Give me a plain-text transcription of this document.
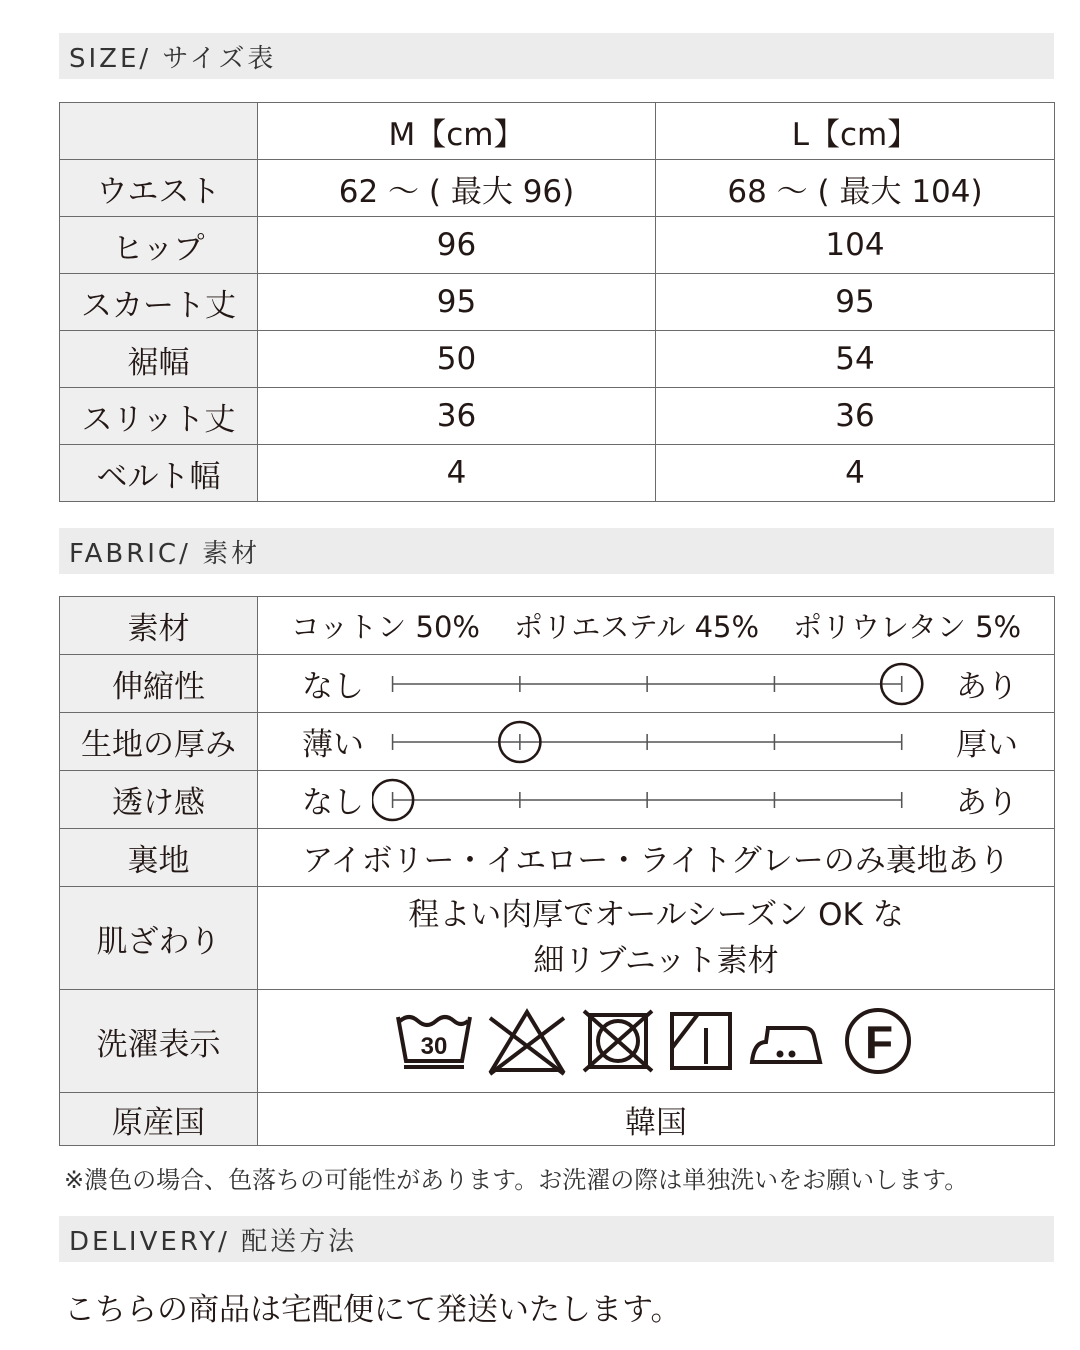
SIZE/ サイズ表
	M【cm】	L【cm】
ウエスト	62 〜 ( 最大 96)	68 〜 ( 最大 104)
ヒップ	96	104
スカート丈	95	95
裾幅	50	54
スリット丈	36	36
ベルト幅	4	4
FABRIC/ 素材
素材	コットン 50% ポリエステル 45% ポリウレタン 5%
伸縮性	なし あり

生地の厚み	薄い 厚い

透け感	なし あり

裏地	アイボリー・イエロー・ライトグレーのみ裏地あり
肌ざわり	程よい肉厚でオールシーズン OK な
細リブニット素材

洗濯表示	30 F

原産国	韓国
※濃色の場合、色落ちの可能性があります。お洗濯の際は単独洗いをお願いします。
DELIVERY/ 配送方法
こちらの商品は宅配便にて発送いたします。
